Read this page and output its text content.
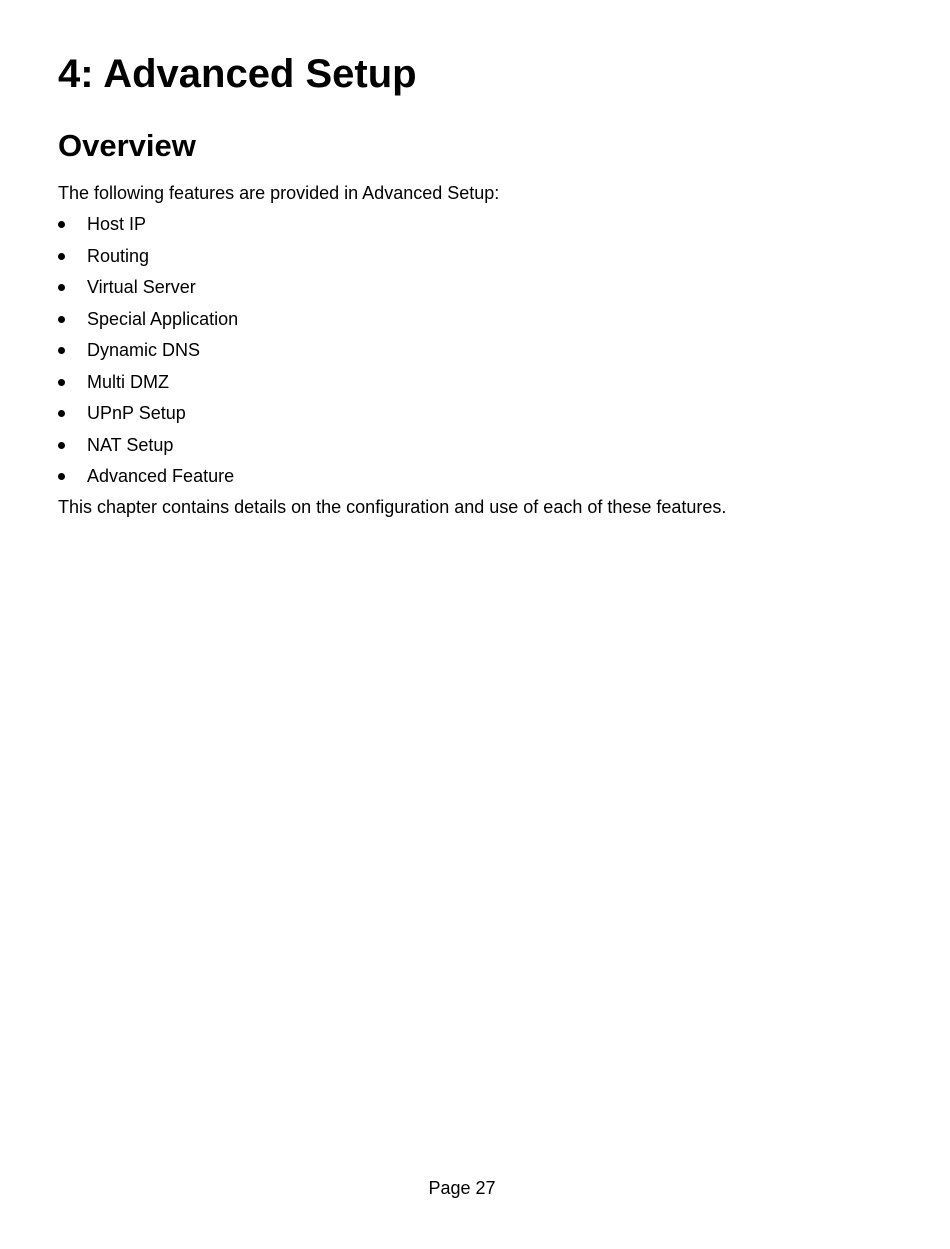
4: Advanced Setup
Overview

The following features are provided in Advanced Setup:

Host IP
Routing
Virtual Server
Special Application
Dynamic DNS
Multi DMZ
UPnP Setup
NAT Setup
Advanced Feature

This chapter contains details on the configuration and use of each of these features.

Page 27
